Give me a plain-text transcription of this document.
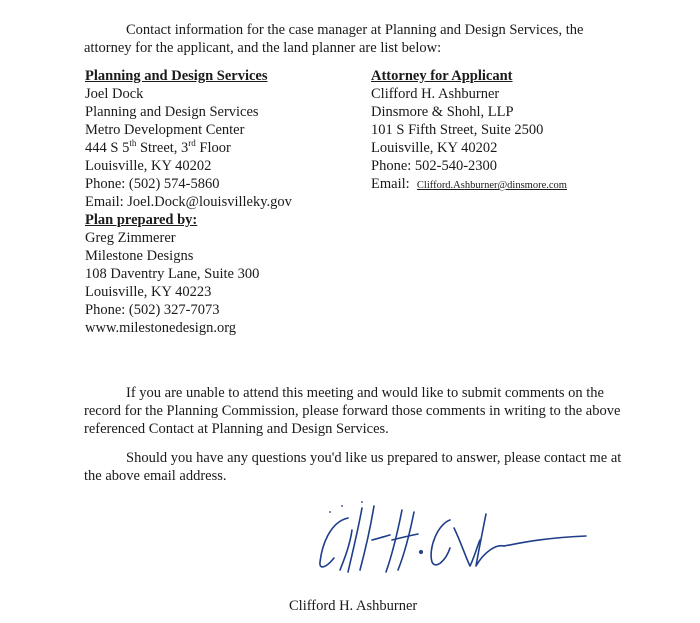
Contact information for the case manager at Planning and Design Services, the attorney for the applicant, and the land planner are list below:

Planning and Design Services
Joel Dock
Planning and Design Services
Metro Development Center
444 S 5th Street, 3rd Floor
Louisville, KY 40202
Phone: (502) 574-5860
Email: Joel.Dock@louisvilleky.gov
Attorney for Applicant
Clifford H. Ashburner
Dinsmore & Shohl, LLP
101 S Fifth Street, Suite 2500
Louisville, KY 40202
Phone: 502-540-2300
Email: Clifford.Ashburner@dinsmore.com
Plan prepared by:
Greg Zimmerer
Milestone Designs
108 Daventry Lane, Suite 300
Louisville, KY 40223
Phone: (502) 327-7073
www.milestonedesign.org

If you are unable to attend this meeting and would like to submit comments on the record for the Planning Commission, please forward those comments in writing to the above referenced Contact at Planning and Design Services.

Should you have any questions you'd like us prepared to answer, please contact me at the above email address.

Clifford H. Ashburner
